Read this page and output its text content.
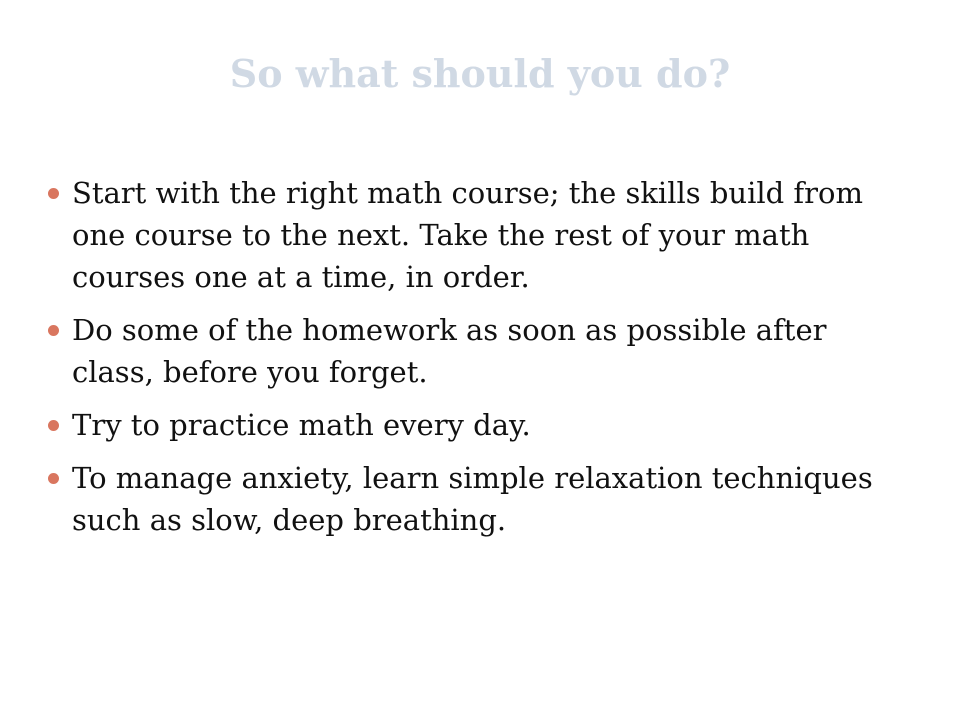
So what should you do?
Start with the right math course; the skills build from one course to the next. Take the rest of your math courses one at a time, in order.
Do some of the homework as soon as possible after class, before you forget.
Try to practice math every day.
To manage anxiety, learn simple relaxation techniques such as slow, deep breathing.
